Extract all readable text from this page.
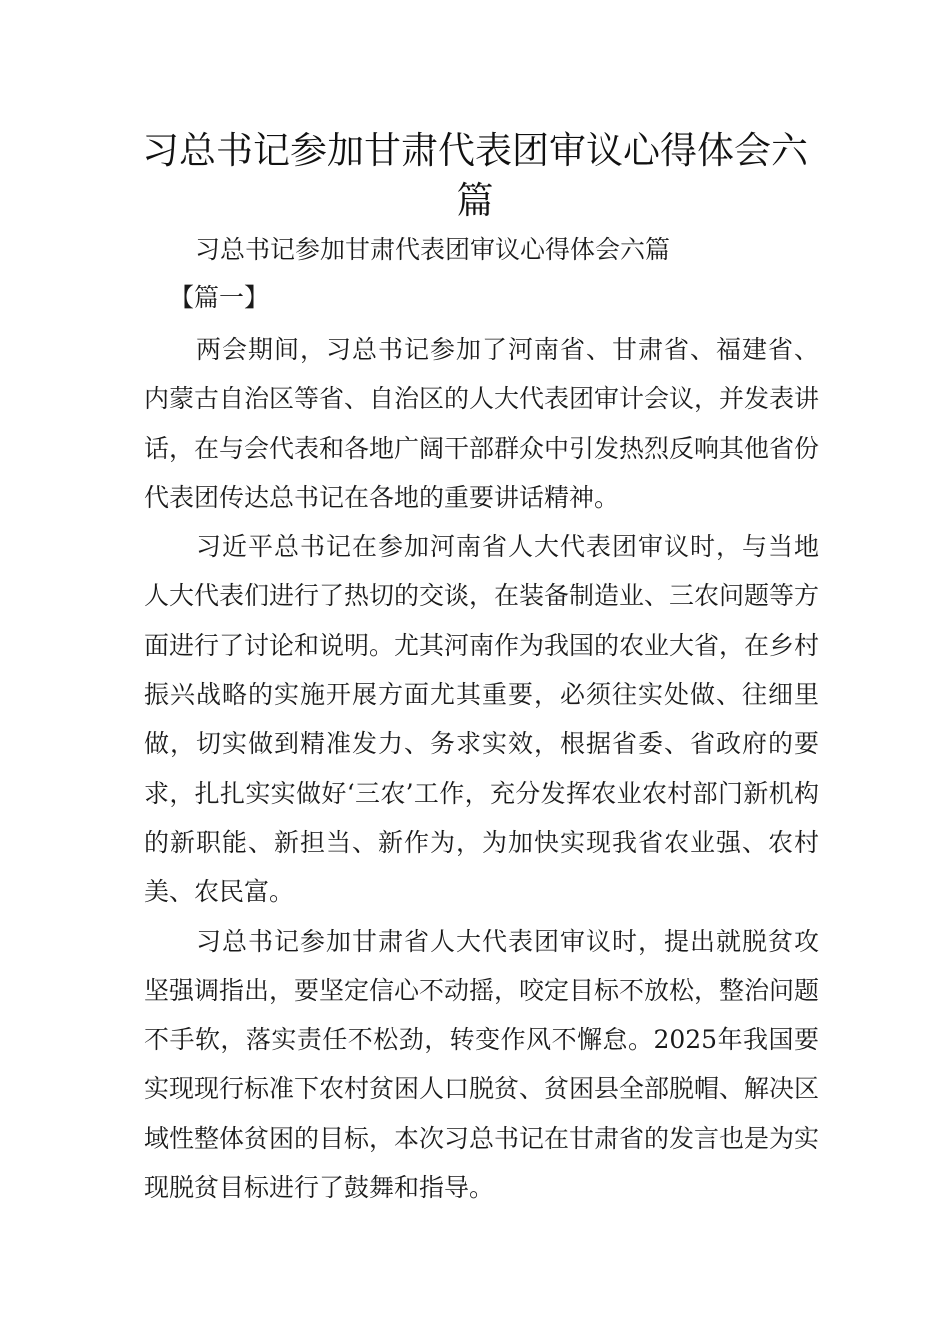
习总书记参加甘肃代表团审议心得体会六篇

习总书记参加甘肃代表团审议心得体会六篇

【篇一】

两会期间，习总书记参加了河南省、甘肃省、福建省、内蒙古自治区等省、自治区的人大代表团审计会议，并发表讲话，在与会代表和各地广阔干部群众中引发热烈反响其他省份代表团传达总书记在各地的重要讲话精神。

习近平总书记在参加河南省人大代表团审议时，与当地人大代表们进行了热切的交谈，在装备制造业、三农问题等方面进行了讨论和说明。尤其河南作为我国的农业大省，在乡村振兴战略的实施开展方面尤其重要，必须往实处做、往细里做，切实做到精准发力、务求实效，根据省委、省政府的要求，扎扎实实做好‘三农’工作，充分发挥农业农村部门新机构的新职能、新担当、新作为，为加快实现我省农业强、农村美、农民富。

习总书记参加甘肃省人大代表团审议时，提出就脱贫攻坚强调指出，要坚定信心不动摇，咬定目标不放松，整治问题不手软，落实责任不松劲，转变作风不懈怠。2025年我国要实现现行标准下农村贫困人口脱贫、贫困县全部脱帽、解决区域性整体贫困的目标，本次习总书记在甘肃省的发言也是为实现脱贫目标进行了鼓舞和指导。
